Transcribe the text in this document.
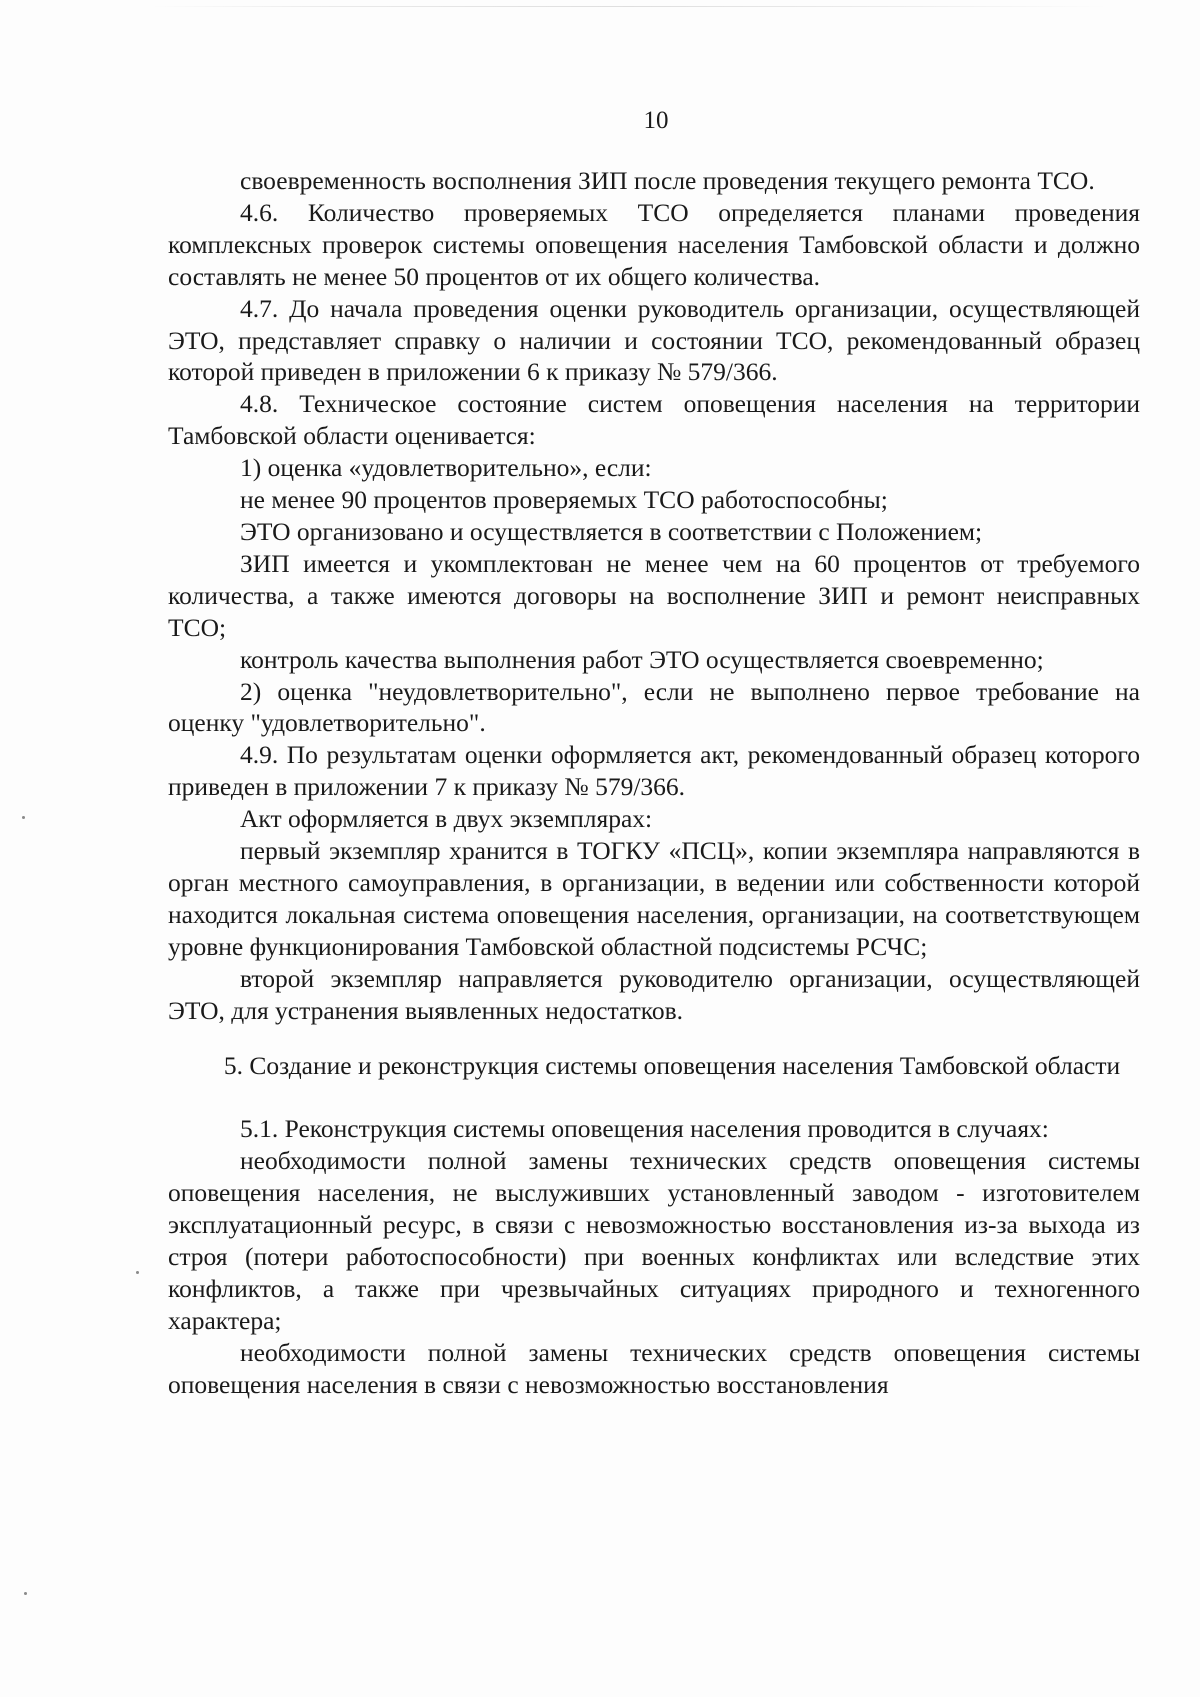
10

своевременность восполнения ЗИП после проведения текущего ремонта ТСО.

4.6. Количество проверяемых ТСО определяется планами проведения комплексных проверок системы оповещения населения Тамбовской области и должно составлять не менее 50 процентов от их общего количества.

4.7. До начала проведения оценки руководитель организации, осуществляющей ЭТО, представляет справку о наличии и состоянии ТСО, рекомендованный образец которой приведен в приложении 6 к приказу № 579/366.

4.8. Техническое состояние систем оповещения населения на территории Тамбовской области оценивается:

1) оценка «удовлетворительно», если:

не менее 90 процентов проверяемых ТСО работоспособны;

ЭТО организовано и осуществляется в соответствии с Положением;

ЗИП имеется и укомплектован не менее чем на 60 процентов от требуемого количества, а также имеются договоры на восполнение ЗИП и ремонт неисправных ТСО;

контроль качества выполнения работ ЭТО осуществляется своевременно;

2) оценка "неудовлетворительно", если не выполнено первое требование на оценку "удовлетворительно".

4.9. По результатам оценки оформляется акт, рекомендованный образец которого приведен в приложении 7 к приказу № 579/366.

Акт оформляется в двух экземплярах:

первый экземпляр хранится в ТОГКУ «ПСЦ», копии экземпляра направляются в орган местного самоуправления, в организации, в ведении или собственности которой находится локальная система оповещения населения, организации, на соответствующем уровне функционирования Тамбовской областной подсистемы РСЧС;

второй экземпляр направляется руководителю организации, осуществляющей ЭТО, для устранения выявленных недостатков.

5. Создание и реконструкция системы оповещения населения Тамбовской области

5.1. Реконструкция системы оповещения населения проводится в случаях:

необходимости полной замены технических средств оповещения системы оповещения населения, не выслуживших установленный заводом - изготовителем эксплуатационный ресурс, в связи с невозможностью восстановления из-за выхода из строя (потери работоспособности) при военных конфликтах или вследствие этих конфликтов, а также при чрезвычайных ситуациях природного и техногенного характера;

необходимости полной замены технических средств оповещения системы оповещения населения в связи с невозможностью восстановления
